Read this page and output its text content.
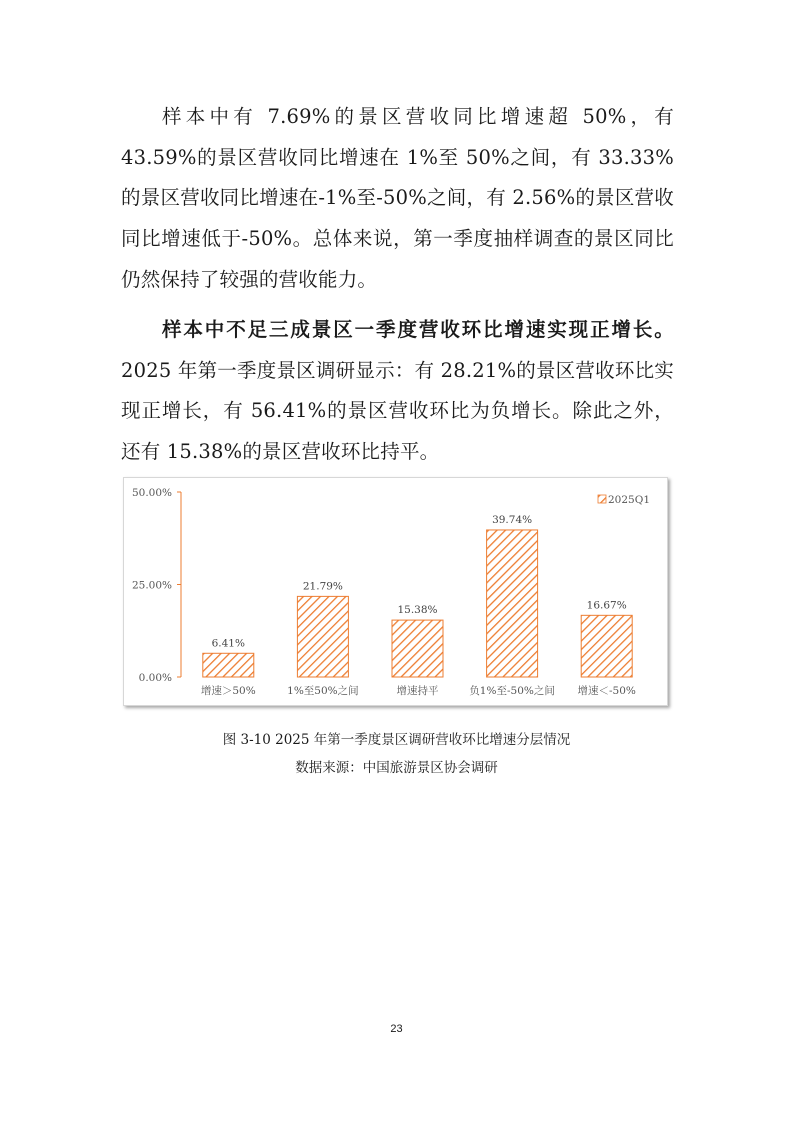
样本中有 7.69%的景区营收同比增速超 50%，有 43.59%的景区营收同比增速在 1%至 50%之间，有 33.33%的景区营收同比增速在-1%至-50%之间，有 2.56%的景区营收同比增速低于-50%。总体来说，第一季度抽样调查的景区同比仍然保持了较强的营收能力。

样本中不足三成景区一季度营收环比增速实现正增长。2025 年第一季度景区调研显示：有 28.21%的景区营收环比实现正增长，有 56.41%的景区营收环比为负增长。除此之外，还有 15.38%的景区营收环比持平。

0.00%
25.00%
50.00%
6.41%
增速＞50%
21.79%
1%至50%之间
15.38%
增速持平
39.74%
负1%至-50%之间
16.67%
增速＜-50%
2025Q1

图 3-10 2025 年第一季度景区调研营收环比增速分层情况

数据来源：中国旅游景区协会调研

23
